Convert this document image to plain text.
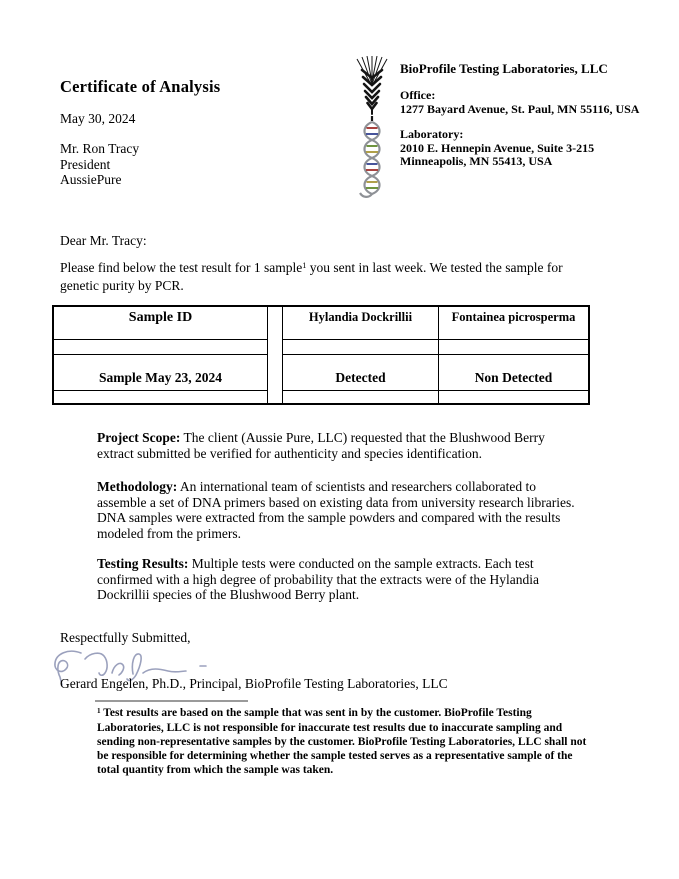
Certificate of Analysis
May 30, 2024
Mr. Ron Tracy
President
AussiePure
BioProfile Testing Laboratories, LLC
Office:
1277 Bayard Avenue, St. Paul, MN 55116, USA
Laboratory:
2010 E. Hennepin Avenue, Suite 3-215
Minneapolis, MN 55413, USA
Dear Mr. Tracy:
Please find below the test result for 1 sample$^1$ you sent in last week. We tested the sample for
genetic purity by PCR.
Sample ID	Hylandia Dockrillii	Fontainea picrosperma
Sample May 23, 2024	Detected	Non Detected
Project Scope: The client (Aussie Pure, LLC) requested that the Blushwood Berry
extract submitted be verified for authenticity and species identification.
Methodology: An international team of scientists and researchers collaborated to
assemble a set of DNA primers based on existing data from university research libraries.
DNA samples were extracted from the sample powders and compared with the results
modeled from the primers.
Testing Results: Multiple tests were conducted on the sample extracts. Each test
confirmed with a high degree of probability that the extracts were of the Hylandia
Dockrillii species of the Blushwood Berry plant.
Respectfully Submitted,
Gerard Engelen, Ph.D., Principal, BioProfile Testing Laboratories, LLC
$^1$ Test results are based on the sample that was sent in by the customer. BioProfile Testing
Laboratories, LLC is not responsible for inaccurate test results due to inaccurate sampling and
sending non-representative samples by the customer. BioProfile Testing Laboratories, LLC shall not
be responsible for determining whether the sample tested serves as a representative sample of the
total quantity from which the sample was taken.
